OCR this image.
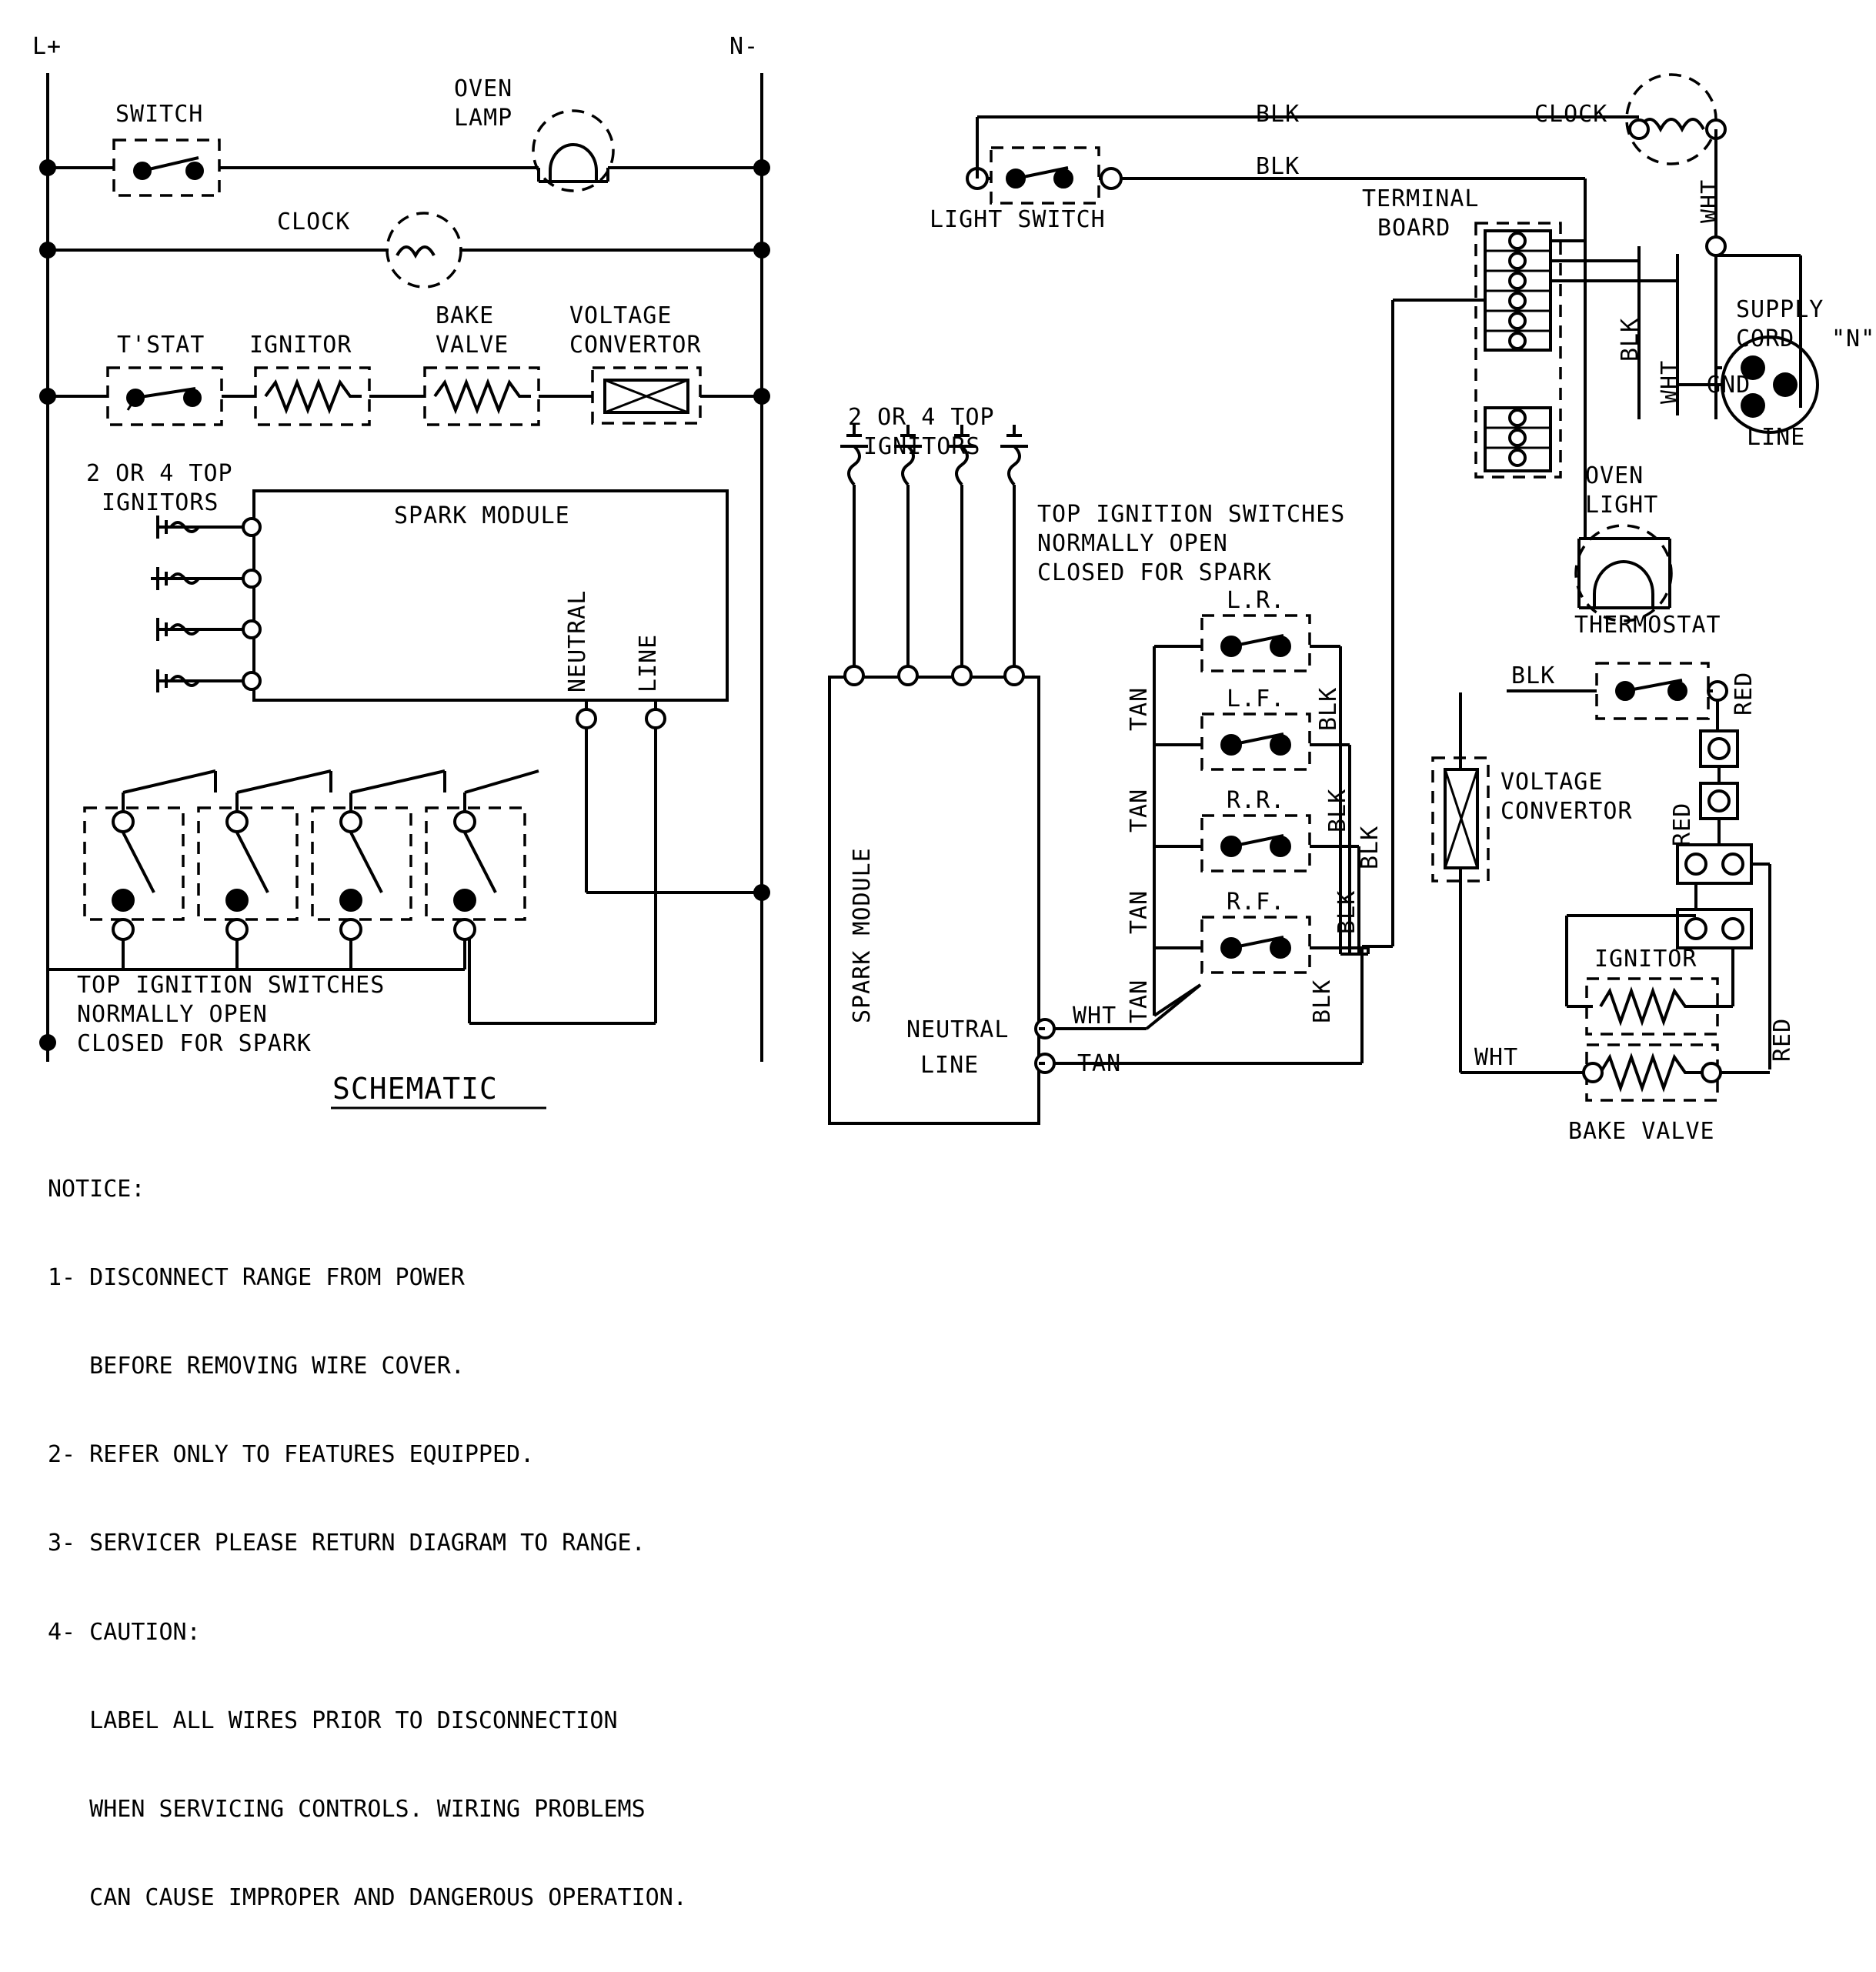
L+	N-
SWITCH
OVEN
LAMP
CLOCK
T'STAT IGNITOR
BAKE
VALVE
VOLTAGE
CONVERTOR
2 OR 4 TOP
IGNITORS	SPARK MODULE
NEUTRAL LINE
TOP IGNITION SWITCHES
NORMALLY OPEN
CLOSED FOR SPARK
SCHEMATIC
LIGHT SWITCH
BLK
BLK
CLOCK
WHT
TERMINAL
BOARD
BLK
WHT
SUPPLY
CORD "N"
GND
LINE
OVEN
LIGHT
THERMOSTAT
BLK	RED
RED
RED
IGNITOR
VOLTAGE
CONVERTOR
BAKE VALVE
WHT
BLK
2 OR 4 TOP
IGNITORS
TOP IGNITION SWITCHES
NORMALLY OPEN
CLOSED FOR SPARK
SPARK MODULE
NEUTRAL
LINE
WHT
TAN
L.R.
TAN	BLK
L.F.
TAN	BLK
R.R.
TAN	BLK
R.F.
TAN	BLK

NOTICE:

1- DISCONNECT RANGE FROM POWER

BEFORE REMOVING WIRE COVER.

2- REFER ONLY TO FEATURES EQUIPPED.

3- SERVICER PLEASE RETURN DIAGRAM TO RANGE.

4- CAUTION:

LABEL ALL WIRES PRIOR TO DISCONNECTION

WHEN SERVICING CONTROLS. WIRING PROBLEMS

CAN CAUSE IMPROPER AND DANGEROUS OPERATION.
